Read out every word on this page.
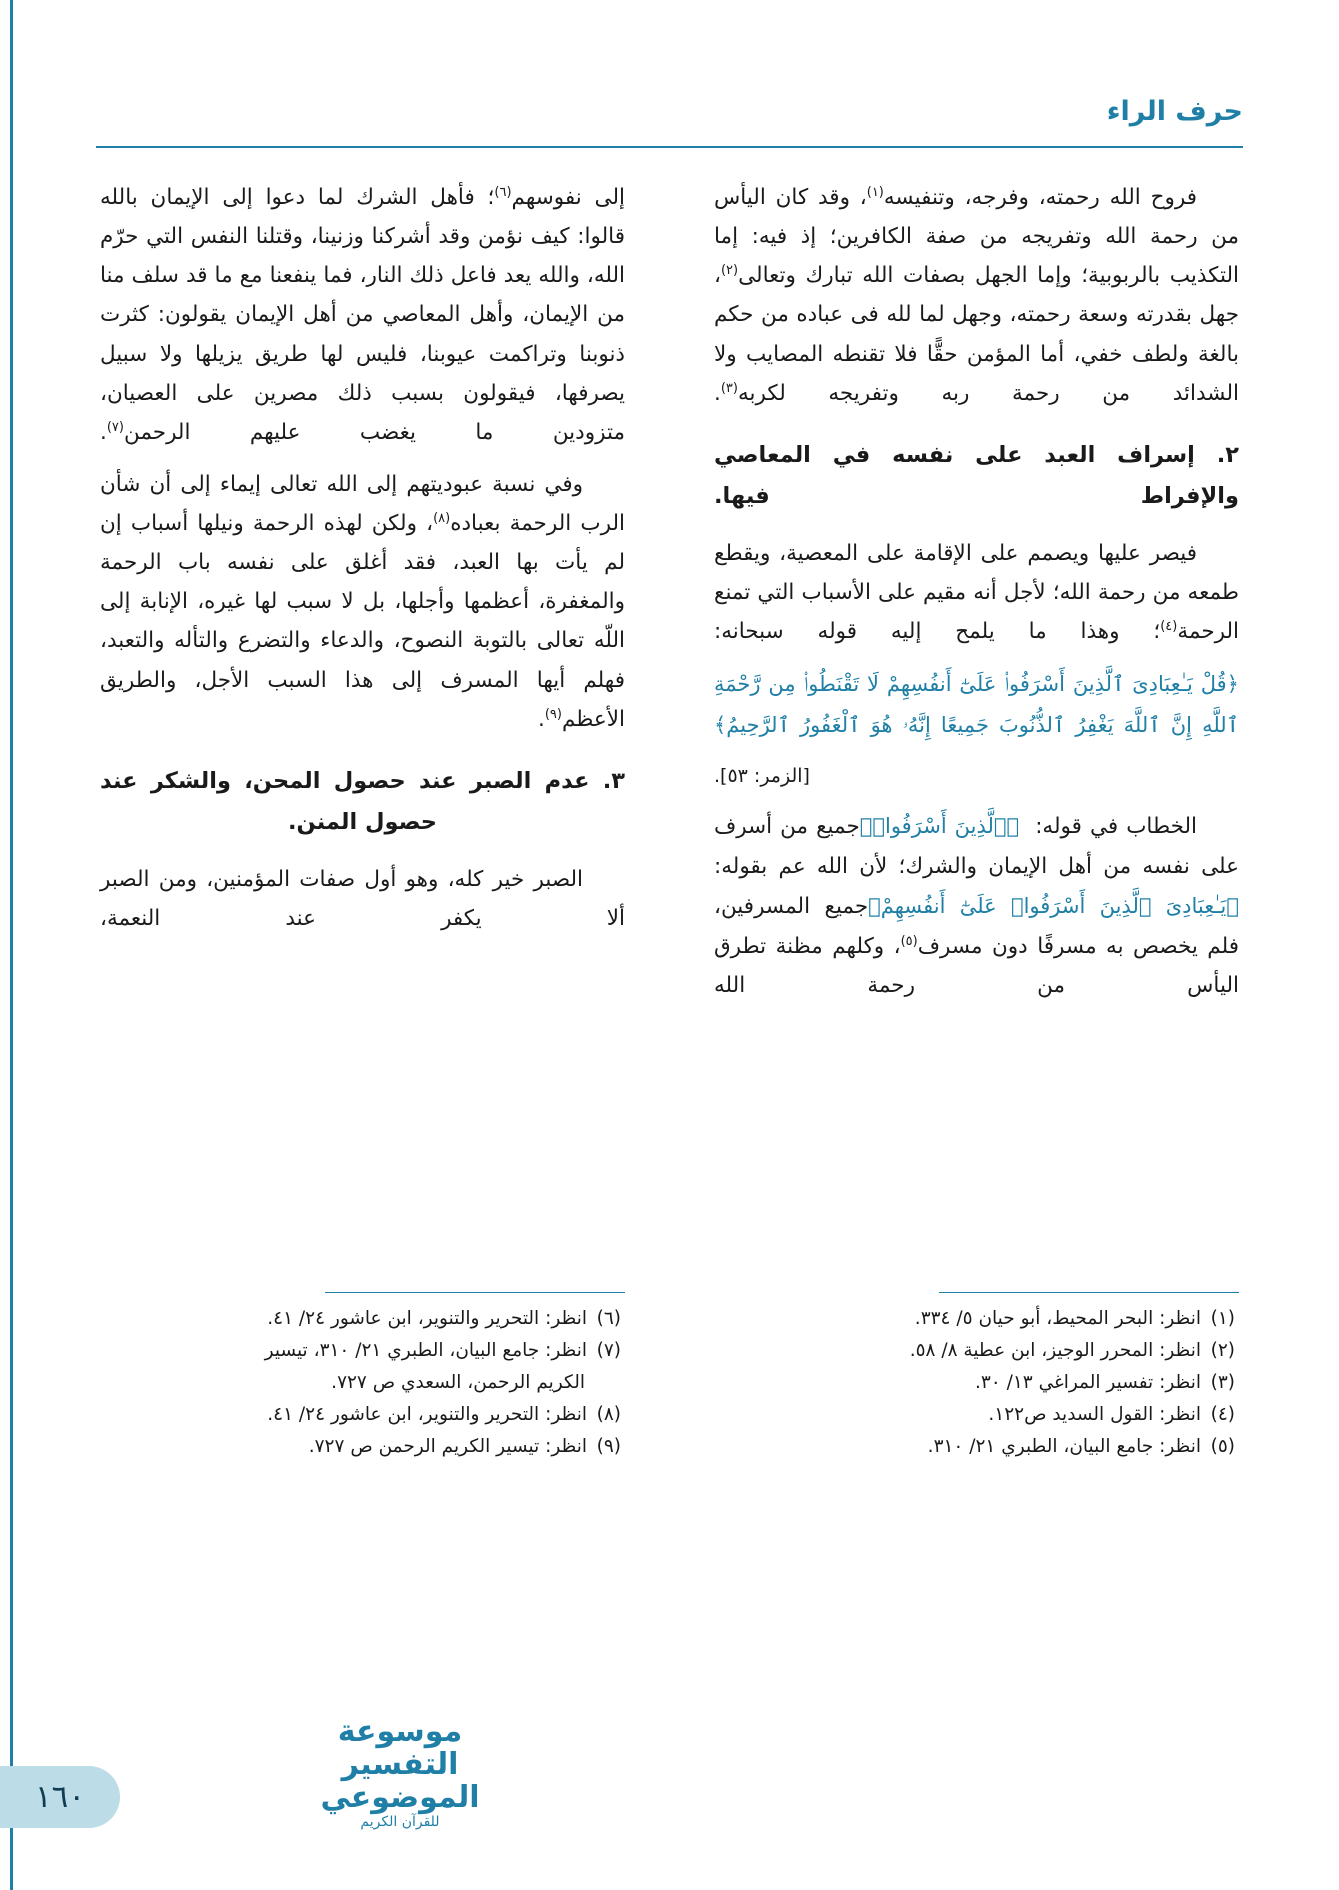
حرف الراء

فروح الله رحمته، وفرجه، وتنفيسه$^{(١)}$، وقد كان اليأس من رحمة الله وتفريجه من صفة الكافرين؛ إذ فيه: إما التكذيب بالربوبية؛ وإما الجهل بصفات الله تبارك وتعالى$^{(٢)}$، جهل بقدرته وسعة رحمته، وجهل لما لله فى عباده من حكم بالغة ولطف خفي، أما المؤمن حقًّا فلا تقنطه المصايب ولا الشدائد من رحمة ربه وتفريجه لكربه$^{(٣)}$.

٢. إسراف العبد على نفسه في المعاصي والإفراط فيها.

فيصر عليها ويصمم على الإقامة على المعصية، ويقطع طمعه من رحمة الله؛ لأجل أنه مقيم على الأسباب التي تمنع الرحمة$^{(٤)}$؛ وهذا ما يلمح إليه قوله سبحانه:

﴿قُلْ يَـٰعِبَادِىَ ٱلَّذِينَ أَسْرَفُوا۟ عَلَىٰٓ أَنفُسِهِمْ لَا تَقْنَطُوا۟ مِن رَّحْمَةِ ٱللَّهِ إِنَّ ٱللَّهَ يَغْفِرُ ٱلذُّنُوبَ جَمِيعًا إِنَّهُۥ هُوَ ٱلْغَفُورُ ٱلرَّحِيمُ﴾

[الزمر: ٥٣].

الخطاب في قوله:  ﴿ٱلَّذِينَ أَسْرَفُوا۟﴾جميع من أسرف على نفسه من أهل الإيمان والشرك؛ لأن الله عم بقوله: ﴿يَـٰعِبَادِىَ ٱلَّذِينَ أَسْرَفُوا۟ عَلَىٰٓ أَنفُسِهِمْ﴾جميع المسرفين، فلم يخصص به مسرفًا دون مسرف$^{(٥)}$، وكلهم مظنة تطرق اليأس من رحمة الله

إلى نفوسهم$^{(٦)}$؛ فأهل الشرك لما دعوا إلى الإيمان بالله قالوا: كيف نؤمن وقد أشركنا وزنينا، وقتلنا النفس التي حرّم الله، والله يعد فاعل ذلك النار، فما ينفعنا مع ما قد سلف منا من الإيمان، وأهل المعاصي من أهل الإيمان يقولون: كثرت ذنوبنا وتراكمت عيوبنا، فليس لها طريق يزيلها ولا سبيل يصرفها، فيقولون بسبب ذلك مصرين على العصيان، متزودين ما يغضب عليهم الرحمن$^{(٧)}$.

وفي نسبة عبوديتهم إلى الله تعالى إيماء إلى أن شأن الرب الرحمة بعباده$^{(٨)}$، ولكن لهذه الرحمة ونيلها أسباب إن لم يأت بها العبد، فقد أغلق على نفسه باب الرحمة والمغفرة، أعظمها وأجلها، بل لا سبب لها غيره، الإنابة إلى اللّه تعالى بالتوبة النصوح، والدعاء والتضرع والتأله والتعبد، فهلم أيها المسرف إلى هذا السبب الأجل، والطريق الأعظم$^{(٩)}$.

٣. عدم الصبر عند حصول المحن، والشكر عند حصول المنن.

الصبر خير كله، وهو أول صفات المؤمنين، ومن الصبر ألا يكفر عند النعمة،

(١)انظر: البحر المحيط، أبو حيان ٥/ ٣٣٤.

(٢)انظر: المحرر الوجيز، ابن عطية ٨/ ٥٨.

(٣)انظر: تفسير المراغي ١٣/ ٣٠.

(٤)انظر: القول السديد ص١٢٢.

(٥)انظر: جامع البيان، الطبري ٢١/ ٣١٠.

(٦)انظر: التحرير والتنوير، ابن عاشور ٢٤/ ٤١.

(٧)انظر: جامع البيان، الطبري ٢١/ ٣١٠، تيسير

الكريم الرحمن، السعدي ص ٧٢٧.

(٨)انظر: التحرير والتنوير، ابن عاشور ٢٤/ ٤١.

(٩)انظر: تيسير الكريم الرحمن ص ٧٢٧.

موسوعة التفسير الموضوعي
للقرآن الكريم
١٦٠
